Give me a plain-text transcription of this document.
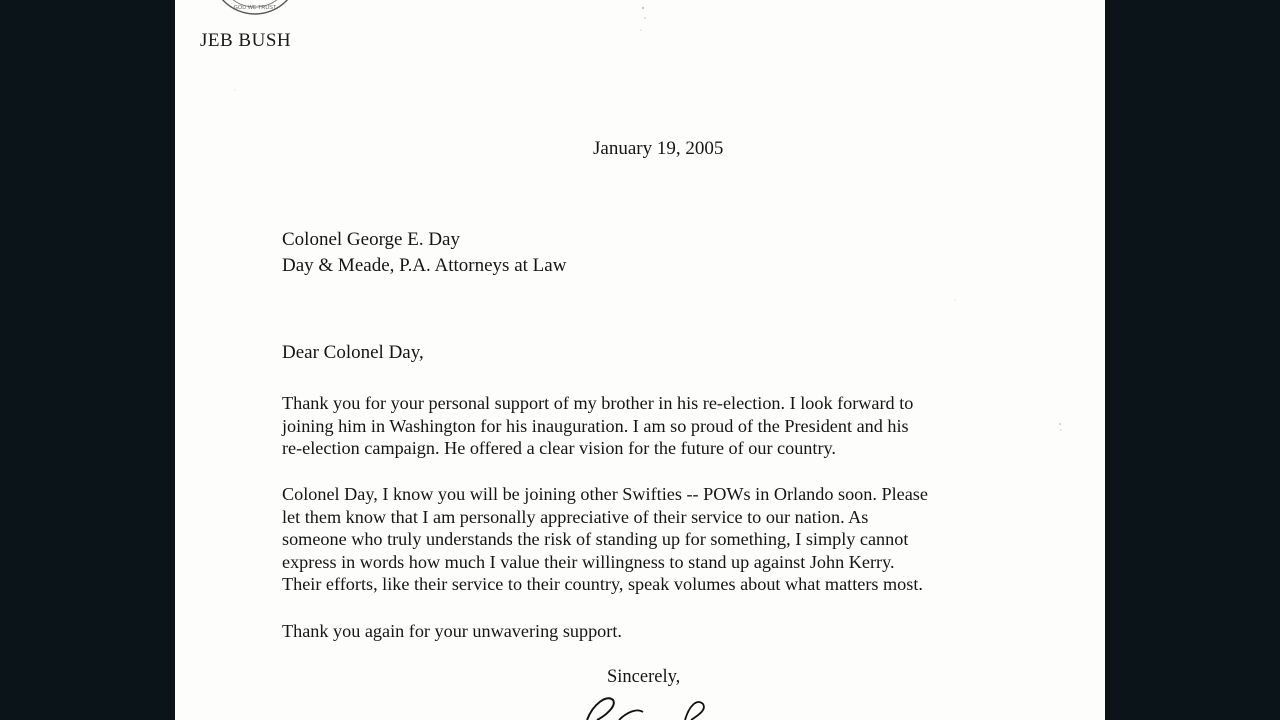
GOD WE TRUST
JEB BUSH
January 19, 2005
Colonel George E. Day
Day & Meade, P.A. Attorneys at Law
Dear Colonel Day,
Thank you for your personal support of my brother in his re-election. I look forward to
joining him in Washington for his inauguration. I am so proud of the President and his
re-election campaign. He offered a clear vision for the future of our country.
Colonel Day, I know you will be joining other Swifties -- POWs in Orlando soon. Please
let them know that I am personally appreciative of their service to our nation. As
someone who truly understands the risk of standing up for something, I simply cannot
express in words how much I value their willingness to stand up against John Kerry.
Their efforts, like their service to their country, speak volumes about what matters most.
Thank you again for your unwavering support.
Sincerely,
